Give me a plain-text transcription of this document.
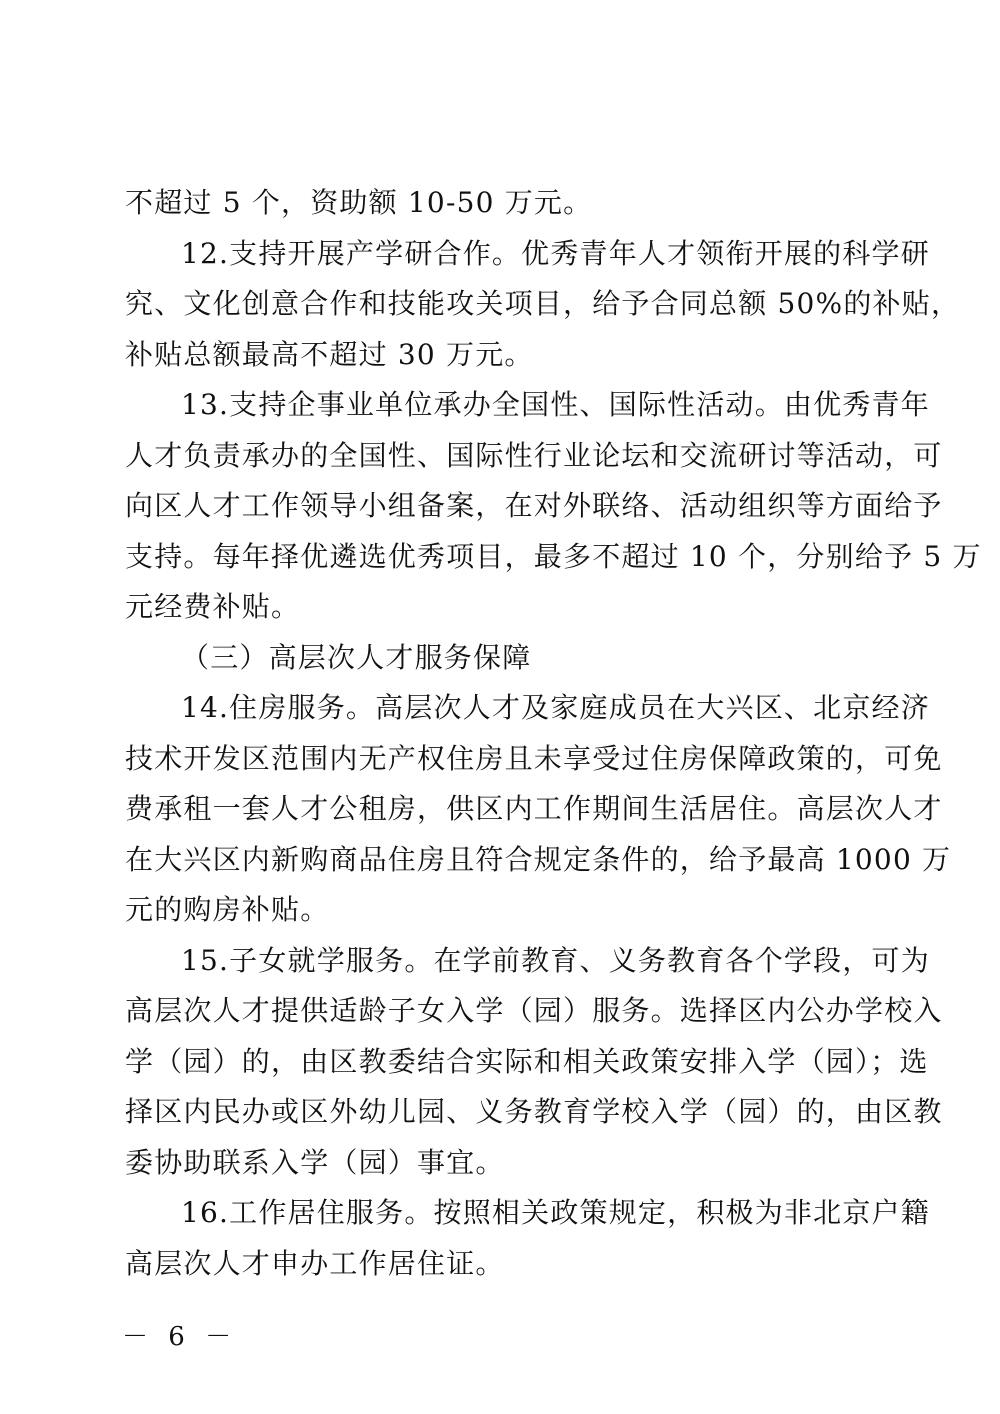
不超过 5 个，资助额 10-50 万元。

12.支持开展产学研合作。优秀青年人才领衔开展的科学研
究、文化创意合作和技能攻关项目，给予合同总额 50%的补贴，
补贴总额最高不超过 30 万元。

13.支持企事业单位承办全国性、国际性活动。由优秀青年
人才负责承办的全国性、国际性行业论坛和交流研讨等活动，可
向区人才工作领导小组备案，在对外联络、活动组织等方面给予
支持。每年择优遴选优秀项目，最多不超过 10 个，分别给予 5 万
元经费补贴。

（三）高层次人才服务保障

14.住房服务。高层次人才及家庭成员在大兴区、北京经济
技术开发区范围内无产权住房且未享受过住房保障政策的，可免
费承租一套人才公租房，供区内工作期间生活居住。高层次人才
在大兴区内新购商品住房且符合规定条件的，给予最高 1000 万
元的购房补贴。

15.子女就学服务。在学前教育、义务教育各个学段，可为
高层次人才提供适龄子女入学（园）服务。选择区内公办学校入
学（园）的，由区教委结合实际和相关政策安排入学（园）；选
择区内民办或区外幼儿园、义务教育学校入学（园）的，由区教
委协助联系入学（园）事宜。

16.工作居住服务。按照相关政策规定，积极为非北京户籍
高层次人才申办工作居住证。

－ 6 －
